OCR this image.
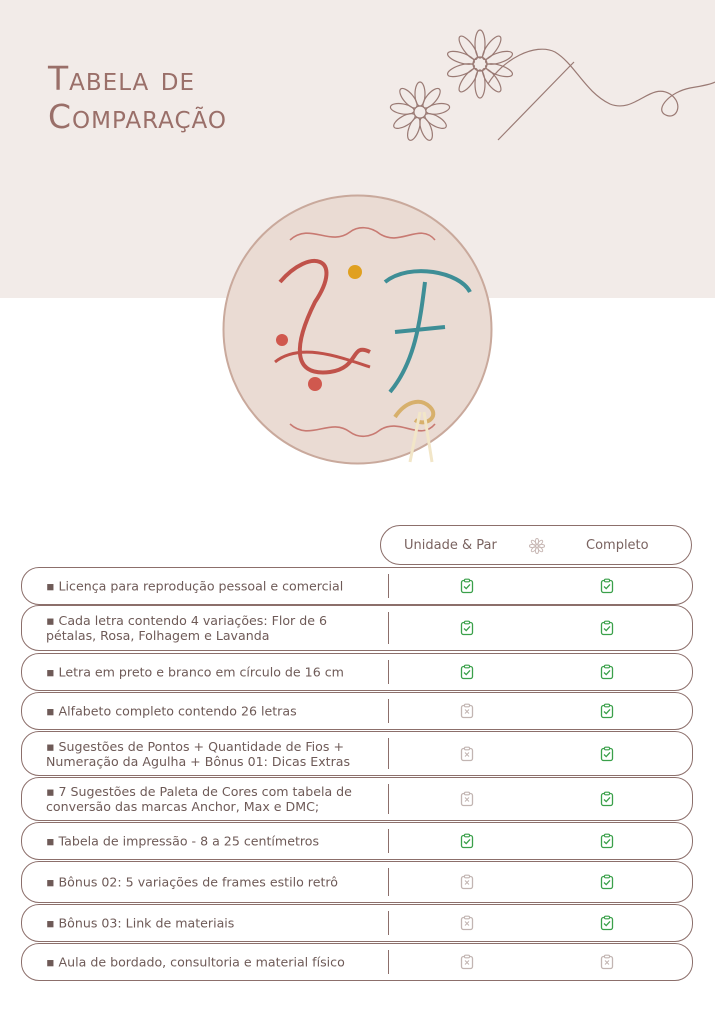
Tabela de
Comparação
Unidade & Par	Completo
▪ Licença para reprodução pessoal e comercial
▪ Cada letra contendo 4 variações: Flor de 6 pétalas, Rosa, Folhagem e Lavanda
▪ Letra em preto e branco em círculo de 16 cm
▪ Alfabeto completo contendo 26 letras
▪ Sugestões de Pontos + Quantidade de Fios + Numeração da Agulha + Bônus 01: Dicas Extras
▪ 7 Sugestões de Paleta de Cores com tabela de conversão das marcas Anchor, Max e DMC;
▪ Tabela de impressão - 8 a 25 centímetros
▪ Bônus 02: 5 variações de frames estilo retrô
▪ Bônus 03: Link de materiais
▪ Aula de bordado, consultoria e material físico
